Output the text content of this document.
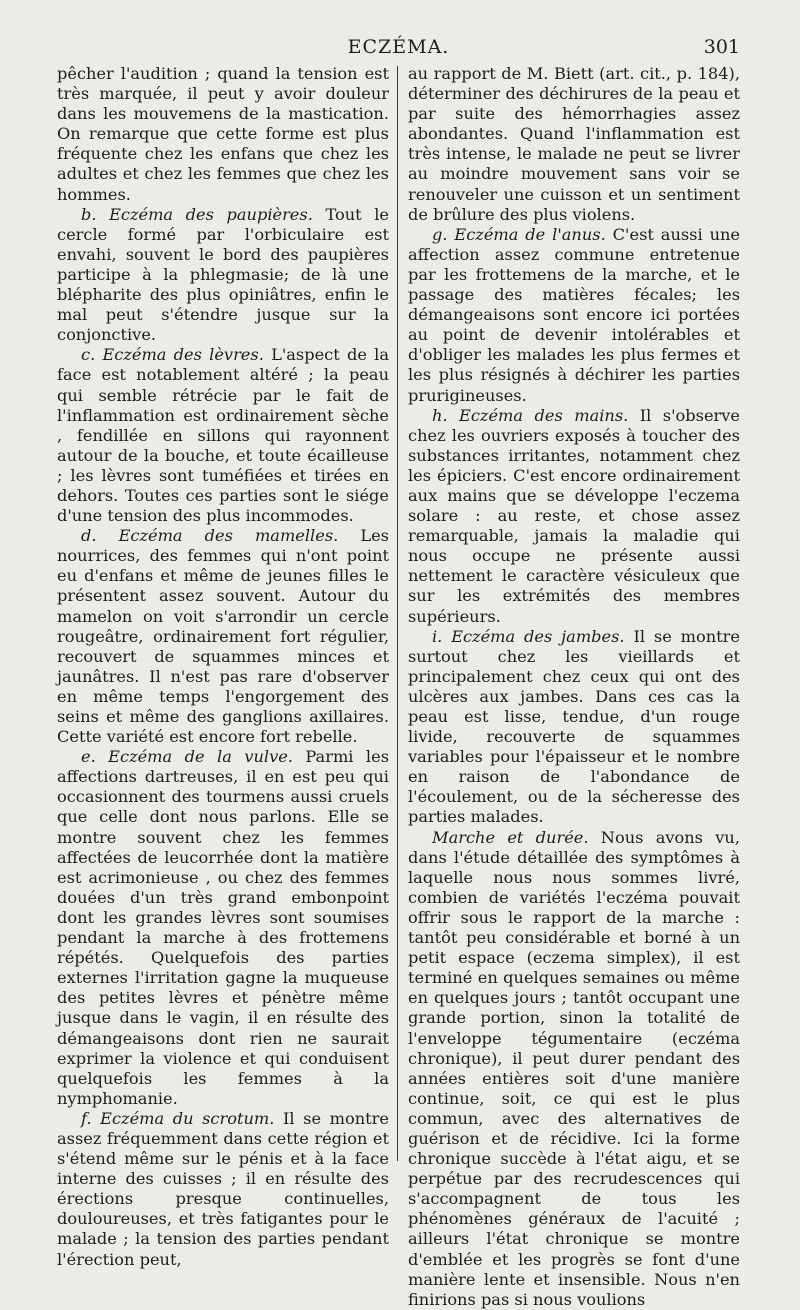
ECZÉMA.	301

pêcher l'audition ; quand la tension est très marquée, il peut y avoir douleur dans les mouvemens de la mastication. On remarque que cette forme est plus fréquente chez les enfans que chez les adultes et chez les femmes que chez les hommes.

b. Eczéma des paupières. Tout le cercle formé par l'orbiculaire est envahi, souvent le bord des paupières participe à la phlegmasie; de là une blépharite des plus opiniâtres, enfin le mal peut s'étendre jusque sur la conjonctive.

c. Eczéma des lèvres. L'aspect de la face est notablement altéré ; la peau qui semble rétrécie par le fait de l'inflammation est ordinairement sèche , fendillée en sillons qui rayonnent autour de la bouche, et toute écailleuse ; les lèvres sont tuméfiées et tirées en dehors. Toutes ces parties sont le siége d'une tension des plus incommodes.

d. Eczéma des mamelles. Les nourrices, des femmes qui n'ont point eu d'enfans et même de jeunes filles le présentent assez souvent. Autour du mamelon on voit s'arrondir un cercle rougeâtre, ordinairement fort régulier, recouvert de squammes minces et jaunâtres. Il n'est pas rare d'observer en même temps l'engorgement des seins et même des ganglions axillaires. Cette variété est encore fort rebelle.

e. Eczéma de la vulve. Parmi les affections dartreuses, il en est peu qui occasionnent des tourmens aussi cruels que celle dont nous parlons. Elle se montre souvent chez les femmes affectées de leucorrhée dont la matière est acrimonieuse , ou chez des femmes douées d'un très grand embonpoint dont les grandes lèvres sont soumises pendant la marche à des frottemens répétés. Quelquefois des parties externes l'irritation gagne la muqueuse des petites lèvres et pénètre même jusque dans le vagin, il en résulte des démangeaisons dont rien ne saurait exprimer la violence et qui conduisent quelquefois les femmes à la nymphomanie.

f. Eczéma du scrotum. Il se montre assez fréquemment dans cette région et s'étend même sur le pénis et à la face interne des cuisses ; il en résulte des érections presque continuelles, douloureuses, et très fatigantes pour le malade ; la tension des parties pendant l'érection peut,

au rapport de M. Biett (art. cit., p. 184), déterminer des déchirures de la peau et par suite des hémorrhagies assez abondantes. Quand l'inflammation est très intense, le malade ne peut se livrer au moindre mouvement sans voir se renouveler une cuisson et un sentiment de brûlure des plus violens.

g. Eczéma de l'anus. C'est aussi une affection assez commune entretenue par les frottemens de la marche, et le passage des matières fécales; les démangeaisons sont encore ici portées au point de devenir intolérables et d'obliger les malades les plus fermes et les plus résignés à déchirer les parties prurigineuses.

h. Eczéma des mains. Il s'observe chez les ouvriers exposés à toucher des substances irritantes, notamment chez les épiciers. C'est encore ordinairement aux mains que se développe l'eczema solare : au reste, et chose assez remarquable, jamais la maladie qui nous occupe ne présente aussi nettement le caractère vésiculeux que sur les extrémités des membres supérieurs.

i. Eczéma des jambes. Il se montre surtout chez les vieillards et principalement chez ceux qui ont des ulcères aux jambes. Dans ces cas la peau est lisse, tendue, d'un rouge livide, recouverte de squammes variables pour l'épaisseur et le nombre en raison de l'abondance de l'écoulement, ou de la sécheresse des parties malades.

Marche et durée. Nous avons vu, dans l'étude détaillée des symptômes à laquelle nous nous sommes livré, combien de variétés l'eczéma pouvait offrir sous le rapport de la marche : tantôt peu considérable et borné à un petit espace (eczema simplex), il est terminé en quelques semaines ou même en quelques jours ; tantôt occupant une grande portion, sinon la totalité de l'enveloppe tégumentaire (eczéma chronique), il peut durer pendant des années entières soit d'une manière continue, soit, ce qui est le plus commun, avec des alternatives de guérison et de récidive. Ici la forme chronique succède à l'état aigu, et se perpétue par des recrudescences qui s'accompagnent de tous les phénomènes généraux de l'acuité ; ailleurs l'état chronique se montre d'emblée et les progrès se font d'une manière lente et insensible. Nous n'en finirions pas si nous voulions
